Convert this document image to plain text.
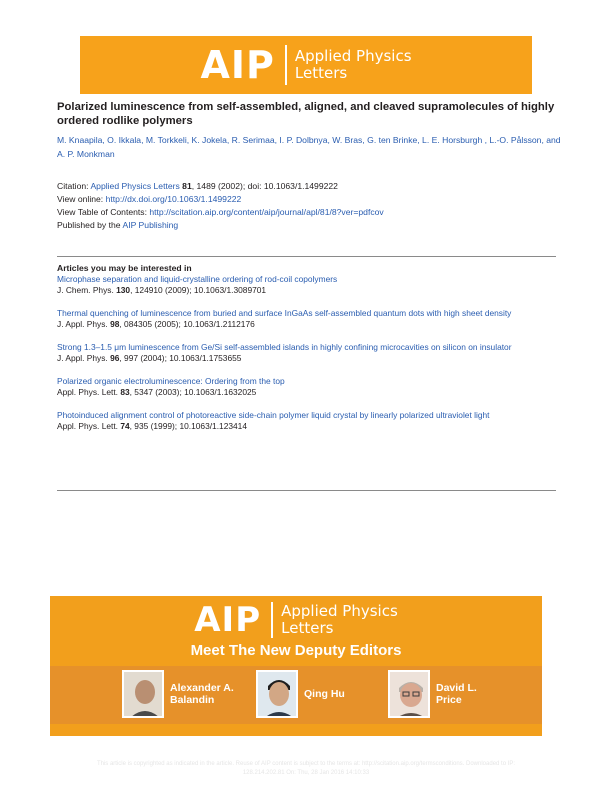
AIP Applied Physics
Letters
Polarized luminescence from self-assembled, aligned, and cleaved supramolecules of highly ordered rodlike polymers
M. Knaapila, O. Ikkala, M. Torkkeli, K. Jokela, R. Serimaa, I. P. Dolbnya, W. Bras, G. ten Brinke, L. E. Horsburgh , L.-O. Pålsson, and A. P. Monkman
Citation: Applied Physics Letters 81, 1489 (2002); doi: 10.1063/1.1499222
View online: http://dx.doi.org/10.1063/1.1499222
View Table of Contents: http://scitation.aip.org/content/aip/journal/apl/81/8?ver=pdfcov
Published by the AIP Publishing
Articles you may be interested in
Microphase separation and liquid-crystalline ordering of rod-coil copolymers
J. Chem. Phys. 130, 124910 (2009); 10.1063/1.3089701
Thermal quenching of luminescence from buried and surface InGaAs self-assembled quantum dots with high sheet density
J. Appl. Phys. 98, 084305 (2005); 10.1063/1.2112176
Strong 1.3–1.5 μm luminescence from Ge/Si self-assembled islands in highly confining microcavities on silicon on insulator
J. Appl. Phys. 96, 997 (2004); 10.1063/1.1753655
Polarized organic electroluminescence: Ordering from the top
Appl. Phys. Lett. 83, 5347 (2003); 10.1063/1.1632025
Photoinduced alignment control of photoreactive side-chain polymer liquid crystal by linearly polarized ultraviolet light
Appl. Phys. Lett. 74, 935 (1999); 10.1063/1.123414
AIP Applied Physics
Letters
Meet The New Deputy Editors
Alexander A.
Balandin	Qing Hu	David L.
Price
This article is copyrighted as indicated in the article. Reuse of AIP content is subject to the terms at: http://scitation.aip.org/termsconditions. Downloaded to IP:
128.214.202.81 On: Thu, 28 Jan 2016 14:10:33
